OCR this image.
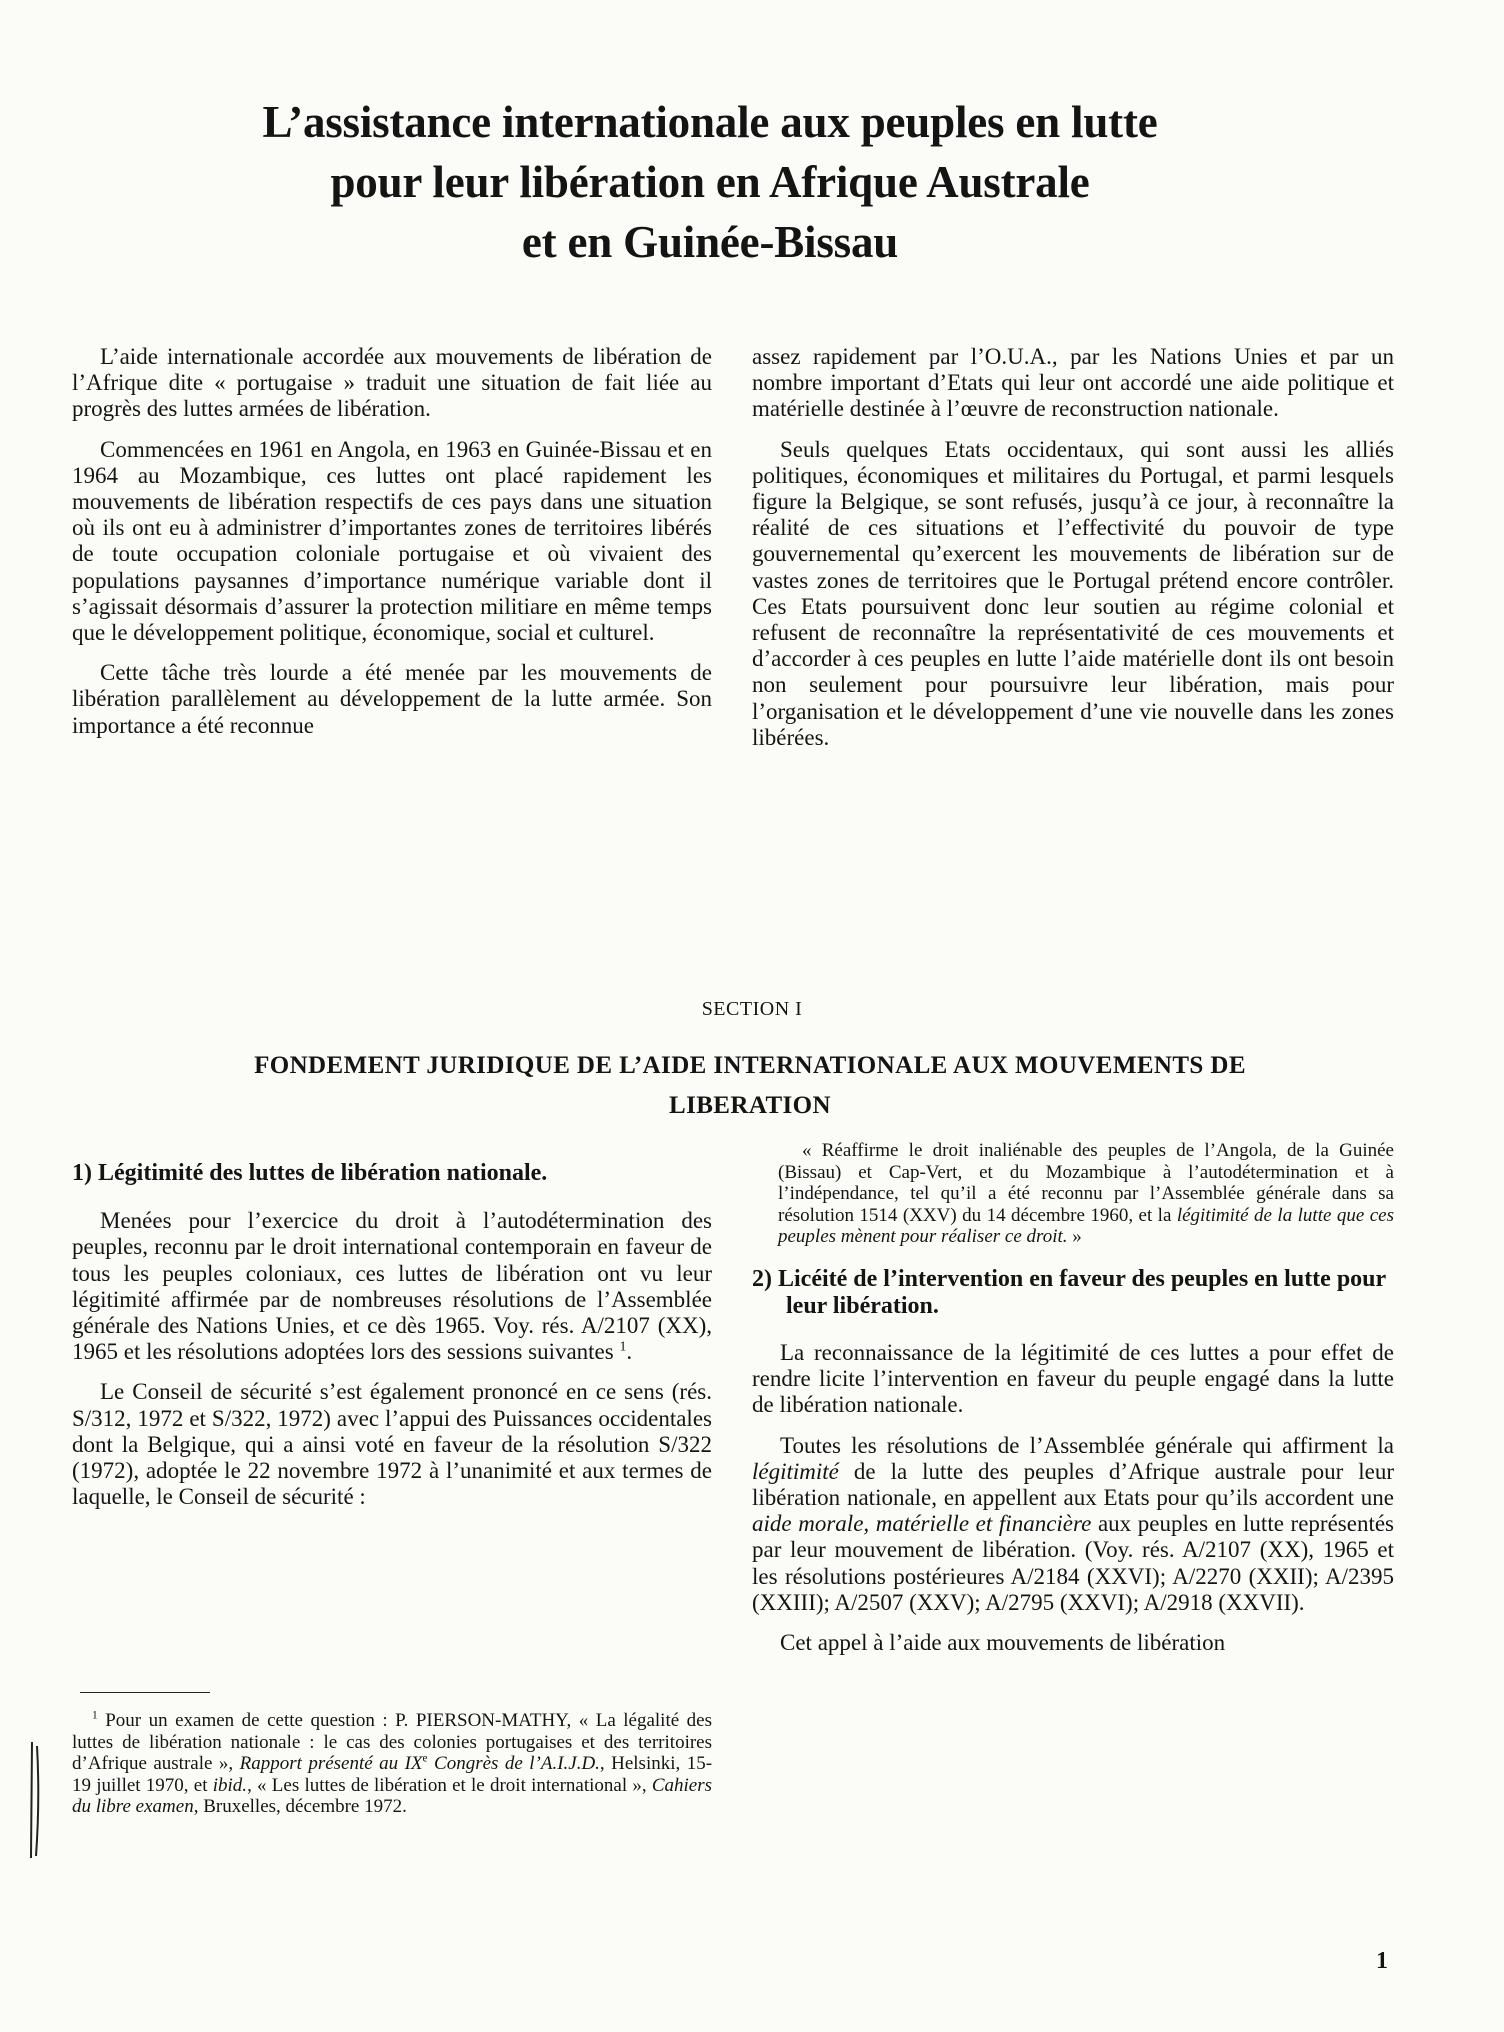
L’assistance internationale aux peuples en lutte
pour leur libération en Afrique Australe
et en Guinée-Bissau

L’aide internationale accordée aux mouvements de libération de l’Afrique dite « portugaise » traduit une situation de fait liée au progrès des luttes armées de libération.

Commencées en 1961 en Angola, en 1963 en Guinée-Bissau et en 1964 au Mozambique, ces luttes ont placé rapidement les mouvements de libération respectifs de ces pays dans une situation où ils ont eu à administrer d’importantes zones de territoires libérés de toute occupation coloniale portugaise et où vivaient des populations paysannes d’importance numérique variable dont il s’agissait désormais d’assurer la protection militiare en même temps que le développement politique, économique, social et culturel.

Cette tâche très lourde a été menée par les mouvements de libération parallèlement au développement de la lutte armée. Son importance a été reconnue

assez rapidement par l’O.U.A., par les Nations Unies et par un nombre important d’Etats qui leur ont accordé une aide politique et matérielle destinée à l’œuvre de reconstruction nationale.

Seuls quelques Etats occidentaux, qui sont aussi les alliés politiques, économiques et militaires du Portugal, et parmi lesquels figure la Belgique, se sont refusés, jusqu’à ce jour, à reconnaître la réalité de ces situations et l’effectivité du pouvoir de type gouvernemental qu’exercent les mouvements de libération sur de vastes zones de territoires que le Portugal prétend encore contrôler. Ces Etats poursuivent donc leur soutien au régime colonial et refusent de reconnaître la représentativité de ces mouvements et d’accorder à ces peuples en lutte l’aide matérielle dont ils ont besoin non seulement pour poursuivre leur libération, mais pour l’organisation et le développement d’une vie nouvelle dans les zones libérées.

SECTION I
FONDEMENT JURIDIQUE DE L’AIDE INTERNATIONALE AUX MOUVEMENTS DE
LIBERATION
1) Légitimité des luttes de libération nationale.

Menées pour l’exercice du droit à l’autodétermination des peuples, reconnu par le droit international contemporain en faveur de tous les peuples coloniaux, ces luttes de libération ont vu leur légitimité affirmée par de nombreuses résolutions de l’Assemblée générale des Nations Unies, et ce dès 1965. Voy. rés. A/2107 (XX), 1965 et les résolutions adoptées lors des sessions suivantes $^1$.

Le Conseil de sécurité s’est également prononcé en ce sens (rés. S/312, 1972 et S/322, 1972) avec l’appui des Puissances occidentales dont la Belgique, qui a ainsi voté en faveur de la résolution S/322 (1972), adoptée le 22 novembre 1972 à l’unanimité et aux termes de laquelle, le Conseil de sécurité :

« Réaffirme le droit inaliénable des peuples de l’Angola, de la Guinée (Bissau) et Cap-Vert, et du Mozambique à l’autodétermination et à l’indépendance, tel qu’il a été reconnu par l’Assemblée générale dans sa résolution 1514 (XXV) du 14 décembre 1960, et la légitimité de la lutte que ces peuples mènent pour réaliser ce droit. »
2) Licéité de l’intervention en faveur des peuples en lutte pour leur libération.

La reconnaissance de la légitimité de ces luttes a pour effet de rendre licite l’intervention en faveur du peuple engagé dans la lutte de libération nationale.

Toutes les résolutions de l’Assemblée générale qui affirment la légitimité de la lutte des peuples d’Afrique australe pour leur libération nationale, en appellent aux Etats pour qu’ils accordent une aide morale, matérielle et financière aux peuples en lutte représentés par leur mouvement de libération. (Voy. rés. A/2107 (XX), 1965 et les résolutions postérieures A/2184 (XXVI); A/2270 (XXII); A/2395 (XXIII); A/2507 (XXV); A/2795 (XXVI); A/2918 (XXVII).

Cet appel à l’aide aux mouvements de libération

$^1$ Pour un examen de cette question : P. PIERSON-MATHY, « La légalité des luttes de libération nationale : le cas des colonies portugaises et des territoires d’Afrique australe », Rapport présenté au IXe Congrès de l’A.I.J.D., Helsinki, 15-19 juillet 1970, et ibid., « Les luttes de libération et le droit international », Cahiers du libre examen, Bruxelles, décembre 1972.
1
